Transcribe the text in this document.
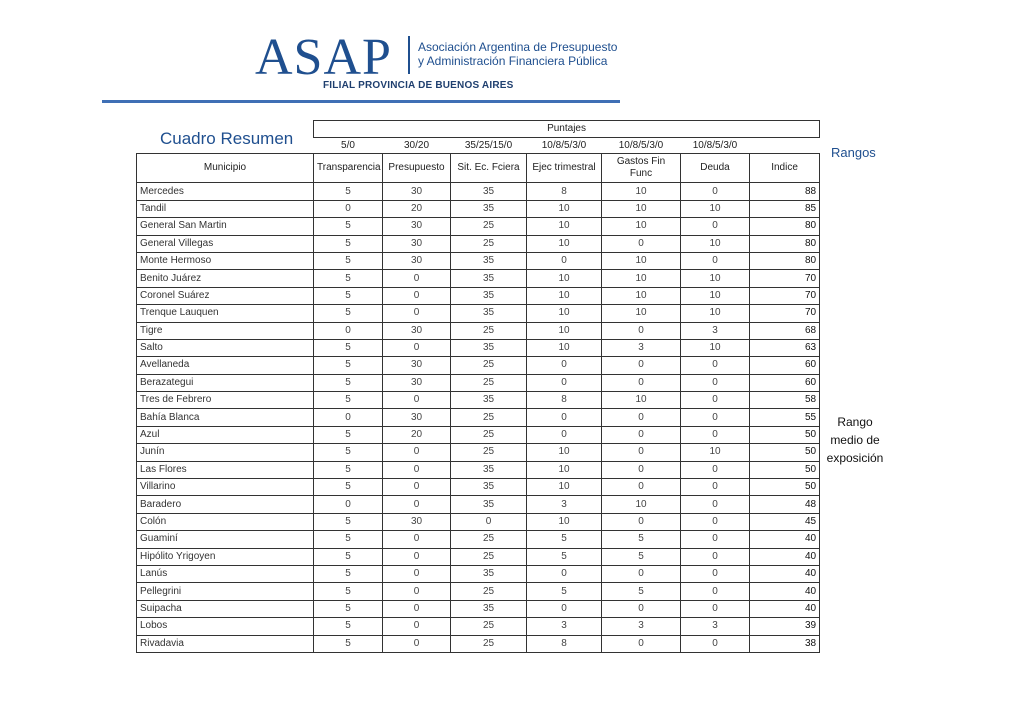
ASAP Asociación Argentina de Presupuesto
y Administración Financiera Pública
FILIAL PROVINCIA DE BUENOS AIRES
Cuadro Resumen
Rangos
Rango
medio de
exposición
	Puntajes						
	5/0	30/20	35/25/15/0	10/8/5/3/0	10/8/5/3/0	10/8/5/3/0	
Municipio	Transparencia	Presupuesto	Sit. Ec. Fciera	Ejec trimestral	Gastos Fin Func	Deuda	Indice
Mercedes	5	30	35	8	10	0	88
Tandil	0	20	35	10	10	10	85
General San Martin	5	30	25	10	10	0	80
General Villegas	5	30	25	10	0	10	80
Monte Hermoso	5	30	35	0	10	0	80
Benito Juárez	5	0	35	10	10	10	70
Coronel Suárez	5	0	35	10	10	10	70
Trenque Lauquen	5	0	35	10	10	10	70
Tigre	0	30	25	10	0	3	68
Salto	5	0	35	10	3	10	63
Avellaneda	5	30	25	0	0	0	60
Berazategui	5	30	25	0	0	0	60
Tres de Febrero	5	0	35	8	10	0	58
Bahía Blanca	0	30	25	0	0	0	55
Azul	5	20	25	0	0	0	50
Junín	5	0	25	10	0	10	50
Las Flores	5	0	35	10	0	0	50
Villarino	5	0	35	10	0	0	50
Baradero	0	0	35	3	10	0	48
Colón	5	30	0	10	0	0	45
Guaminí	5	0	25	5	5	0	40
Hipólito Yrigoyen	5	0	25	5	5	0	40
Lanús	5	0	35	0	0	0	40
Pellegrini	5	0	25	5	5	0	40
Suipacha	5	0	35	0	0	0	40
Lobos	5	0	25	3	3	3	39
Rivadavia	5	0	25	8	0	0	38
